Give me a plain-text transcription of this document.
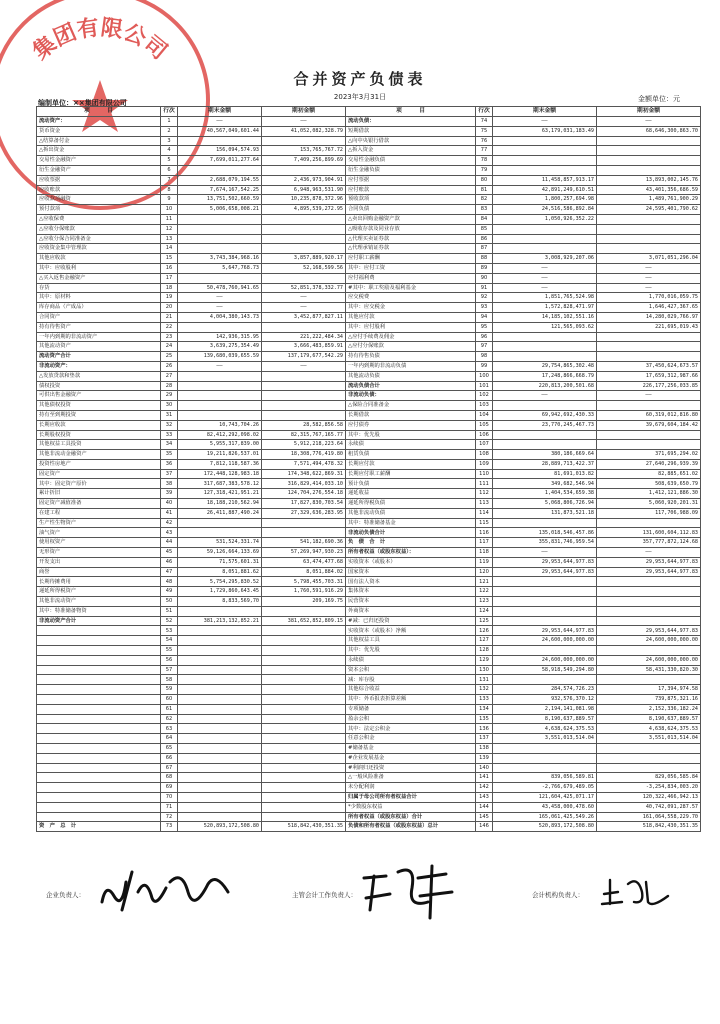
集团有限公司
合并资产负债表
2023年3月31日
编制单位：××集团有限公司	金额单位：元
项　　　目	行次	期末金额	期初金额	项　　　目	行次	期末金额	期初金额
流动资产：	1	——	——	流动负债：	74	——	——
货币资金	2	40,567,049,601.44	41,052,082,328.79	短期借款	75	63,179,031,183.49	68,646,300,863.70
△结算备付金	3			△向中央银行借款	76		
△拆出资金	4	156,094,574.93	153,765,767.72	△拆入资金	77		
交易性金融资产	5	7,699,011,277.64	7,409,256,899.69	交易性金融负债	78		
衍生金融资产	6			衍生金融负债	79		
应收票据	7	2,688,079,194.55	2,436,973,904.91	应付票据	80	11,458,857,913.17	13,893,002,145.76
应收账款	8	7,674,167,542.25	6,948,963,531.90	应付账款	81	42,891,249,610.51	43,401,356,686.59
应收款项融资	9	13,751,502,660.59	10,235,878,372.96	预收款项	82	1,800,257,694.98	1,489,761,900.29
预付款项	10	5,006,658,008.21	4,895,539,272.95	合同负债	83	24,516,586,892.84	24,595,401,790.62
△应收保费	11			△卖出回购金融资产款	84	1,050,926,352.22	
△应收分保账款	12			△吸收存款及同业存放	85		
△应收分保合同准备金	13			△代理买卖证券款	86		
应收资金集中管理款	14			△代理承销证券款	87		
其他应收款	15	3,743,384,968.16	3,857,889,920.17	应付职工薪酬	88	3,008,929,207.06	3,071,051,296.04
其中：应收股利	16	5,647,768.73	52,168,599.56	其中：应付工资	89	——	——
△买入返售金融资产	17			应付福利费	90	——	——
存货	18	50,478,760,941.65	52,851,378,332.77	#其中：职工奖励及福利基金	91	——	——
其中：原材料	19	——	——	应交税费	92	1,851,765,524.98	1,770,016,059.75
库存商品（产成品）	20	——	——	其中：应交税金	93	1,572,828,471.97	1,646,427,367.65
合同资产	21	4,004,380,143.73	3,452,877,827.11	其他应付款	94	14,185,102,551.16	14,280,029,766.97
持有待售资产	22			其中：应付股利	95	121,565,093.62	221,695,019.43
一年内到期的非流动资产	23	142,936,315.95	221,222,484.34	△应付手续费及佣金	96		
其他流动资产	24	3,639,275,354.49	3,666,483,859.91	△应付分保账款	97		
流动资产合计	25	139,680,039,655.59	137,179,677,542.29	持有待售负债	98		
非流动资产：	26	——	——	一年内到期的非流动负债	99	29,754,865,302.48	37,450,624,673.57
△发放贷款和垫款	27			其他流动负债	100	17,248,866,668.79	17,659,312,987.66
债权投资	28			流动负债合计	101	220,813,200,501.68	226,177,256,033.85
可供出售金融资产	29			非流动负债：	102	——	——
其他债权投资	30			△保险合同准备金	103		
持有至到期投资	31			长期借款	104	69,942,692,430.33	60,319,012,816.80
长期应收款	32	10,743,704.26	28,582,856.58	应付债券	105	23,770,245,467.73	39,679,604,184.42
长期股权投资	33	82,412,292,098.02	82,315,767,165.77	其中：优先股	106		
其他权益工具投资	34	5,955,317,839.00	5,912,218,223.64	永续债	107		
其他非流动金融资产	35	19,211,826,537.01	18,308,776,419.80	租赁负债	108	380,186,669.64	371,695,294.02
投资性房地产	36	7,812,118,587.36	7,571,494,478.32	长期应付款	109	28,889,713,422.37	27,640,296,939.39
固定资产	37	172,448,128,983.18	174,348,622,869.31	长期应付职工薪酬	110	81,691,013.82	82,885,651.02
其中：固定资产原价	38	317,687,383,578.12	316,829,414,033.10	预计负债	111	349,682,546.94	508,639,650.79
累计折旧	39	127,318,421,951.21	124,704,276,554.18	递延收益	112	1,404,534,659.38	1,412,121,886.30
固定资产减值准备	40	18,188,210,562.94	17,827,830,703.54	递延所得税负债	113	5,068,806,726.94	5,060,920,201.31
在建工程	41	26,411,887,490.24	27,329,636,283.95	其他非流动负债	114	131,873,521.18	117,706,988.09
生产性生物资产	42			其中：特准储备基金	115		
油气资产	43			非流动负债合计	116	135,018,546,457.86	131,600,604,112.83
使用权资产	44	531,524,331.74	541,182,690.36	负　债　合　计	117	355,831,746,959.54	357,777,872,124.68
无形资产	45	59,126,664,133.69	57,269,947,930.23	所有者权益（或股东权益）：	118	——	——
开发支出	46	71,575,601.31	63,474,477.68	实收资本（或股本）	119	29,953,644,977.83	29,953,644,977.83
商誉	47	8,051,881.62	8,051,884.02	国家资本	120	29,953,644,977.83	29,953,644,977.83
长期待摊费用	48	5,754,295,830.52	5,798,455,703.31	国有法人资本	121		
递延所得税资产	49	1,729,860,643.45	1,760,591,916.29	集体资本	122		
其他非流动资产	50	8,833,569,70	209,169.75	民营资本	123		
其中：特准储备物资	51			外商资本	124		
非流动资产合计	52	381,213,132,852.21	381,652,852,809.15	#减：已归还投资	125		
	53			实收资本（或股本）净额	126	29,953,644,977.83	29,953,644,977.83
	54			其他权益工具	127	24,600,000,000.00	24,600,000,000.00
	55			其中：优先股	128		
	56			永续债	129	24,600,000,000.00	24,600,000,000.00
	57			资本公积	130	58,918,549,294.80	58,431,330,820.30
	58			减：库存股	131		
	59			其他综合收益	132	284,574,726.23	17,394,974.58
	60			其中：外币报表折算差额	133	932,576,370.12	739,875,321.16
	61			专项储备	134	2,194,141,081.98	2,152,336,182.24
	62			盈余公积	135	8,190,637,889.57	8,190,637,889.57
	63			其中：法定公积金	136	4,638,624,375.53	4,638,624,375.53
	64			任意公积金	137	3,551,013,514.04	3,551,013,514.04
	65			#储备基金	138		
	66			#企业发展基金	139		
	67			#利润归还投资	140		
	68			△一般风险准备	141	839,056,589.81	829,056,585.84
	69			未分配利润	142	-2,766,679,489.05	-3,254,834,003.20
	70			归属于母公司所有者权益合计	143	121,604,425,071.17	120,322,466,942.13
	71			*少数股东权益	144	43,458,000,478.60	40,742,091,287.57
	72			所有者权益（或股东权益）合计	145	165,061,425,549.26	161,064,558,229.70
资　产　总　计	73	520,893,172,508.80	518,842,430,351.35	负债和所有者权益（或股东权益）总计	146	520,893,172,508.80	518,842,430,351.35
企业负责人：	主管会计工作负责人：	会计机构负责人：
